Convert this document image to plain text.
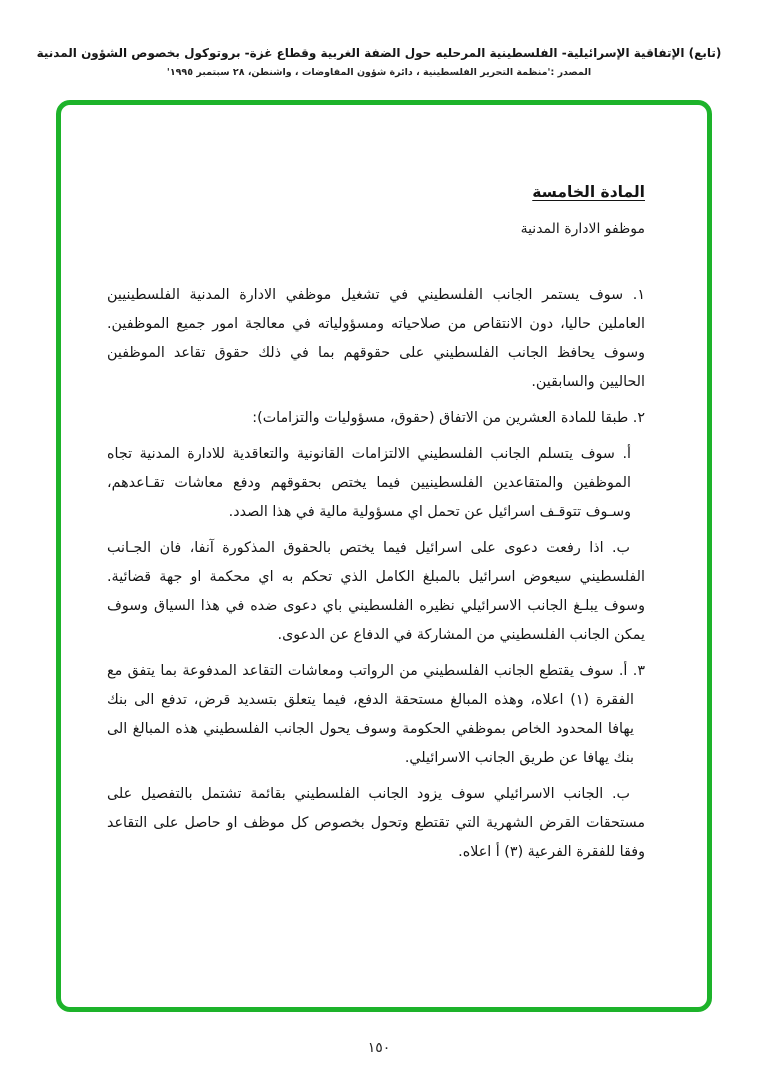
(تابع) الإتفاقية الإسرائيلية- الفلسطينية المرحليه حول الضفة الغربية وقطاع غزة- بروتوكول بخصوص الشؤون المدنية
المصدر :'منظمة التحرير الفلسطينية ، دائرة شؤون المفاوضات ، واشنطن، ٢٨ سبتمبر ١٩٩٥'
المادة الخامسة
موظفو الادارة المدنية

١. سوف يستمر الجانب الفلسطيني في تشغيل موظفي الادارة المدنية الفلسطينيين العاملين حاليا، دون الانتقاص من صلاحياته ومسؤولياته في معالجة امور جميع الموظفين. وسوف يحافظ الجانب الفلسطيني على حقوقهم بما في ذلك حقوق تقاعد الموظفين الحاليين والسابقين.

٢. طبقا للمادة العشرين من الاتفاق (حقوق، مسؤوليات والتزامات):

أ. سوف يتسلم الجانب الفلسطيني الالتزامات القانونية والتعاقدية للادارة المدنية تجاه الموظفين والمتقاعدين الفلسطينيين فيما يختص بحقوقهم ودفع معاشات تقـاعدهم، وسـوف تتوقـف اسرائيل عن تحمل اي مسؤولية مالية في هذا الصدد.

ب. اذا رفعت دعوى على اسرائيل فيما يختص بالحقوق المذكورة آنفا، فان الجـانب الفلسطيني سيعوض اسرائيل بالمبلغ الكامل الذي تحكم به اي محكمة او جهة قضائية. وسوف يبلـغ الجانب الاسرائيلي نظيره الفلسطيني باي دعوى ضده في هذا السياق وسوف يمكن الجانب الفلسطيني من المشاركة في الدفاع عن الدعوى.

٣. أ. سوف يقتطع الجانب الفلسطيني من الرواتب ومعاشات التقاعد المدفوعة بما يتفق مع الفقرة (١) اعلاه، وهذه المبالغ مستحقة الدفع، فيما يتعلق بتسديد قرض، تدفع الى بنك يهافا المحدود الخاص بموظفي الحكومة وسوف يحول الجانب الفلسطيني هذه المبالغ الى بنك يهافا عن طريق الجانب الاسرائيلي.

ب. الجانب الاسرائيلي سوف يزود الجانب الفلسطيني بقائمة تشتمل بالتفصيل على مستحقات القرض الشهرية التي تقتطع وتحول بخصوص كل موظف او حاصل على التقاعد وفقا للفقرة الفرعية (٣) أ اعلاه.

١٥٠
